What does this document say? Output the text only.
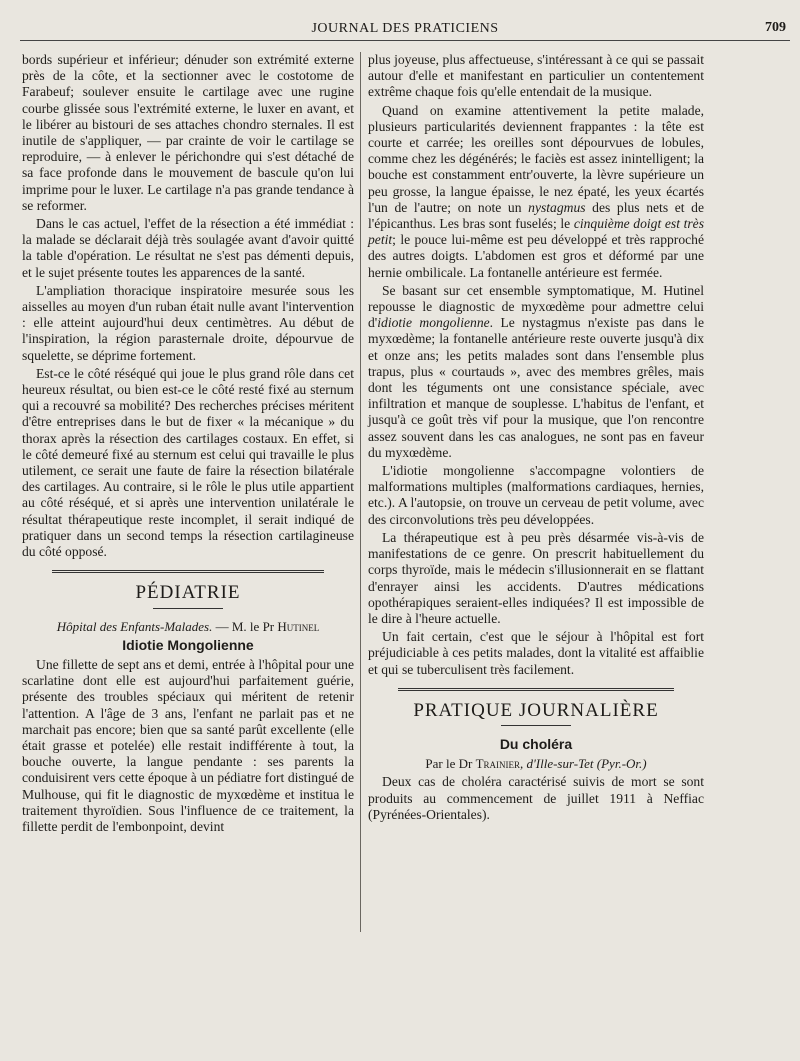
JOURNAL DES PRATICIENS	709

bords supérieur et inférieur; dénuder son extrémité externe près de la côte, et la sectionner avec le costotome de Farabeuf; soulever ensuite le cartilage avec une rugine courbe glissée sous l'extrémité externe, le luxer en avant, et le libérer au bistouri de ses attaches chondro sternales. Il est inutile de s'appliquer, — par crainte de voir le cartilage se reproduire, — à enlever le périchondre qui s'est détaché de sa face profonde dans le mouvement de bascule qu'on lui imprime pour le luxer. Le cartilage n'a pas grande tendance à se reformer.

Dans le cas actuel, l'effet de la résection a été immédiat : la malade se déclarait déjà très soulagée avant d'avoir quitté la table d'opération. Le résultat ne s'est pas démenti depuis, et le sujet présente toutes les apparences de la santé.

L'ampliation thoracique inspiratoire mesurée sous les aisselles au moyen d'un ruban était nulle avant l'intervention : elle atteint aujourd'hui deux centimètres. Au début de l'inspiration, la région parasternale droite, dépourvue de squelette, se déprime fortement.

Est-ce le côté réséqué qui joue le plus grand rôle dans cet heureux résultat, ou bien est-ce le côté resté fixé au sternum qui a recouvré sa mobilité? Des recherches précises méritent d'être entreprises dans le but de fixer « la mécanique » du thorax après la résection des cartilages costaux. En effet, si le côté demeuré fixé au sternum est celui qui travaille le plus utilement, ce serait une faute de faire la résection bilatérale des cartilages. Au contraire, si le rôle le plus utile appartient au côté réséqué, et si après une intervention unilatérale le résultat thérapeutique reste incomplet, il serait indiqué de pratiquer dans un second temps la résection cartilagineuse du côté opposé.

PÉDIATRIE
Hôpital des Enfants-Malades. — M. le Pr Hutinel
Idiotie Mongolienne

Une fillette de sept ans et demi, entrée à l'hôpital pour une scarlatine dont elle est aujourd'hui parfaitement guérie, présente des troubles spéciaux qui méritent de retenir l'attention. A l'âge de 3 ans, l'enfant ne parlait pas et ne marchait pas encore; bien que sa santé parût excellente (elle était grasse et potelée) elle restait indifférente à tout, la bouche ouverte, la langue pendante : ses parents la conduisirent vers cette époque à un pédiatre fort distingué de Mulhouse, qui fit le diagnostic de myxœdème et institua le traitement thyroïdien. Sous l'influence de ce traitement, la fillette perdit de l'embonpoint, devint

plus joyeuse, plus affectueuse, s'intéressant à ce qui se passait autour d'elle et manifestant en particulier un contentement extrême chaque fois qu'elle entendait de la musique.

Quand on examine attentivement la petite malade, plusieurs particularités deviennent frappantes : la tête est courte et carrée; les oreilles sont dépourvues de lobules, comme chez les dégénérés; le faciès est assez inintelligent; la bouche est constamment entr'ouverte, la lèvre supérieure un peu grosse, la langue épaisse, le nez épaté, les yeux écartés l'un de l'autre; on note un nystagmus des plus nets et de l'épicanthus. Les bras sont fuselés; le cinquième doigt est très petit; le pouce lui-même est peu développé et très rapproché des autres doigts. L'abdomen est gros et déformé par une hernie ombilicale. La fontanelle antérieure est fermée.

Se basant sur cet ensemble symptomatique, M. Hutinel repousse le diagnostic de myxœdème pour admettre celui d'idiotie mongolienne. Le nystagmus n'existe pas dans le myxœdème; la fontanelle antérieure reste ouverte jusqu'à dix et onze ans; les petits malades sont dans l'ensemble plus trapus, plus « courtauds », avec des membres grêles, mais dont les téguments ont une consistance spéciale, avec infiltration et manque de souplesse. L'habitus de l'enfant, et jusqu'à ce goût très vif pour la musique, que l'on rencontre assez souvent dans les cas analogues, ne sont pas en faveur du myxœdème.

L'idiotie mongolienne s'accompagne volontiers de malformations multiples (malformations cardiaques, hernies, etc.). A l'autopsie, on trouve un cerveau de petit volume, avec des circonvolutions très peu développées.

La thérapeutique est à peu près désarmée vis-à-vis de manifestations de ce genre. On prescrit habituellement du corps thyroïde, mais le médecin s'illusionnerait en se flattant d'enrayer ainsi les accidents. D'autres médications opothérapiques seraient-elles indiquées? Il est impossible de le dire à l'heure actuelle.

Un fait certain, c'est que le séjour à l'hôpital est fort préjudiciable à ces petits malades, dont la vitalité est affaiblie et qui se tuberculisent très facilement.

PRATIQUE JOURNALIÈRE
Du choléra
Par le Dr Trainier, d'Ille-sur-Tet (Pyr.-Or.)

Deux cas de choléra caractérisé suivis de mort se sont produits au commencement de juillet 1911 à Neffiac (Pyrénées-Orientales).
